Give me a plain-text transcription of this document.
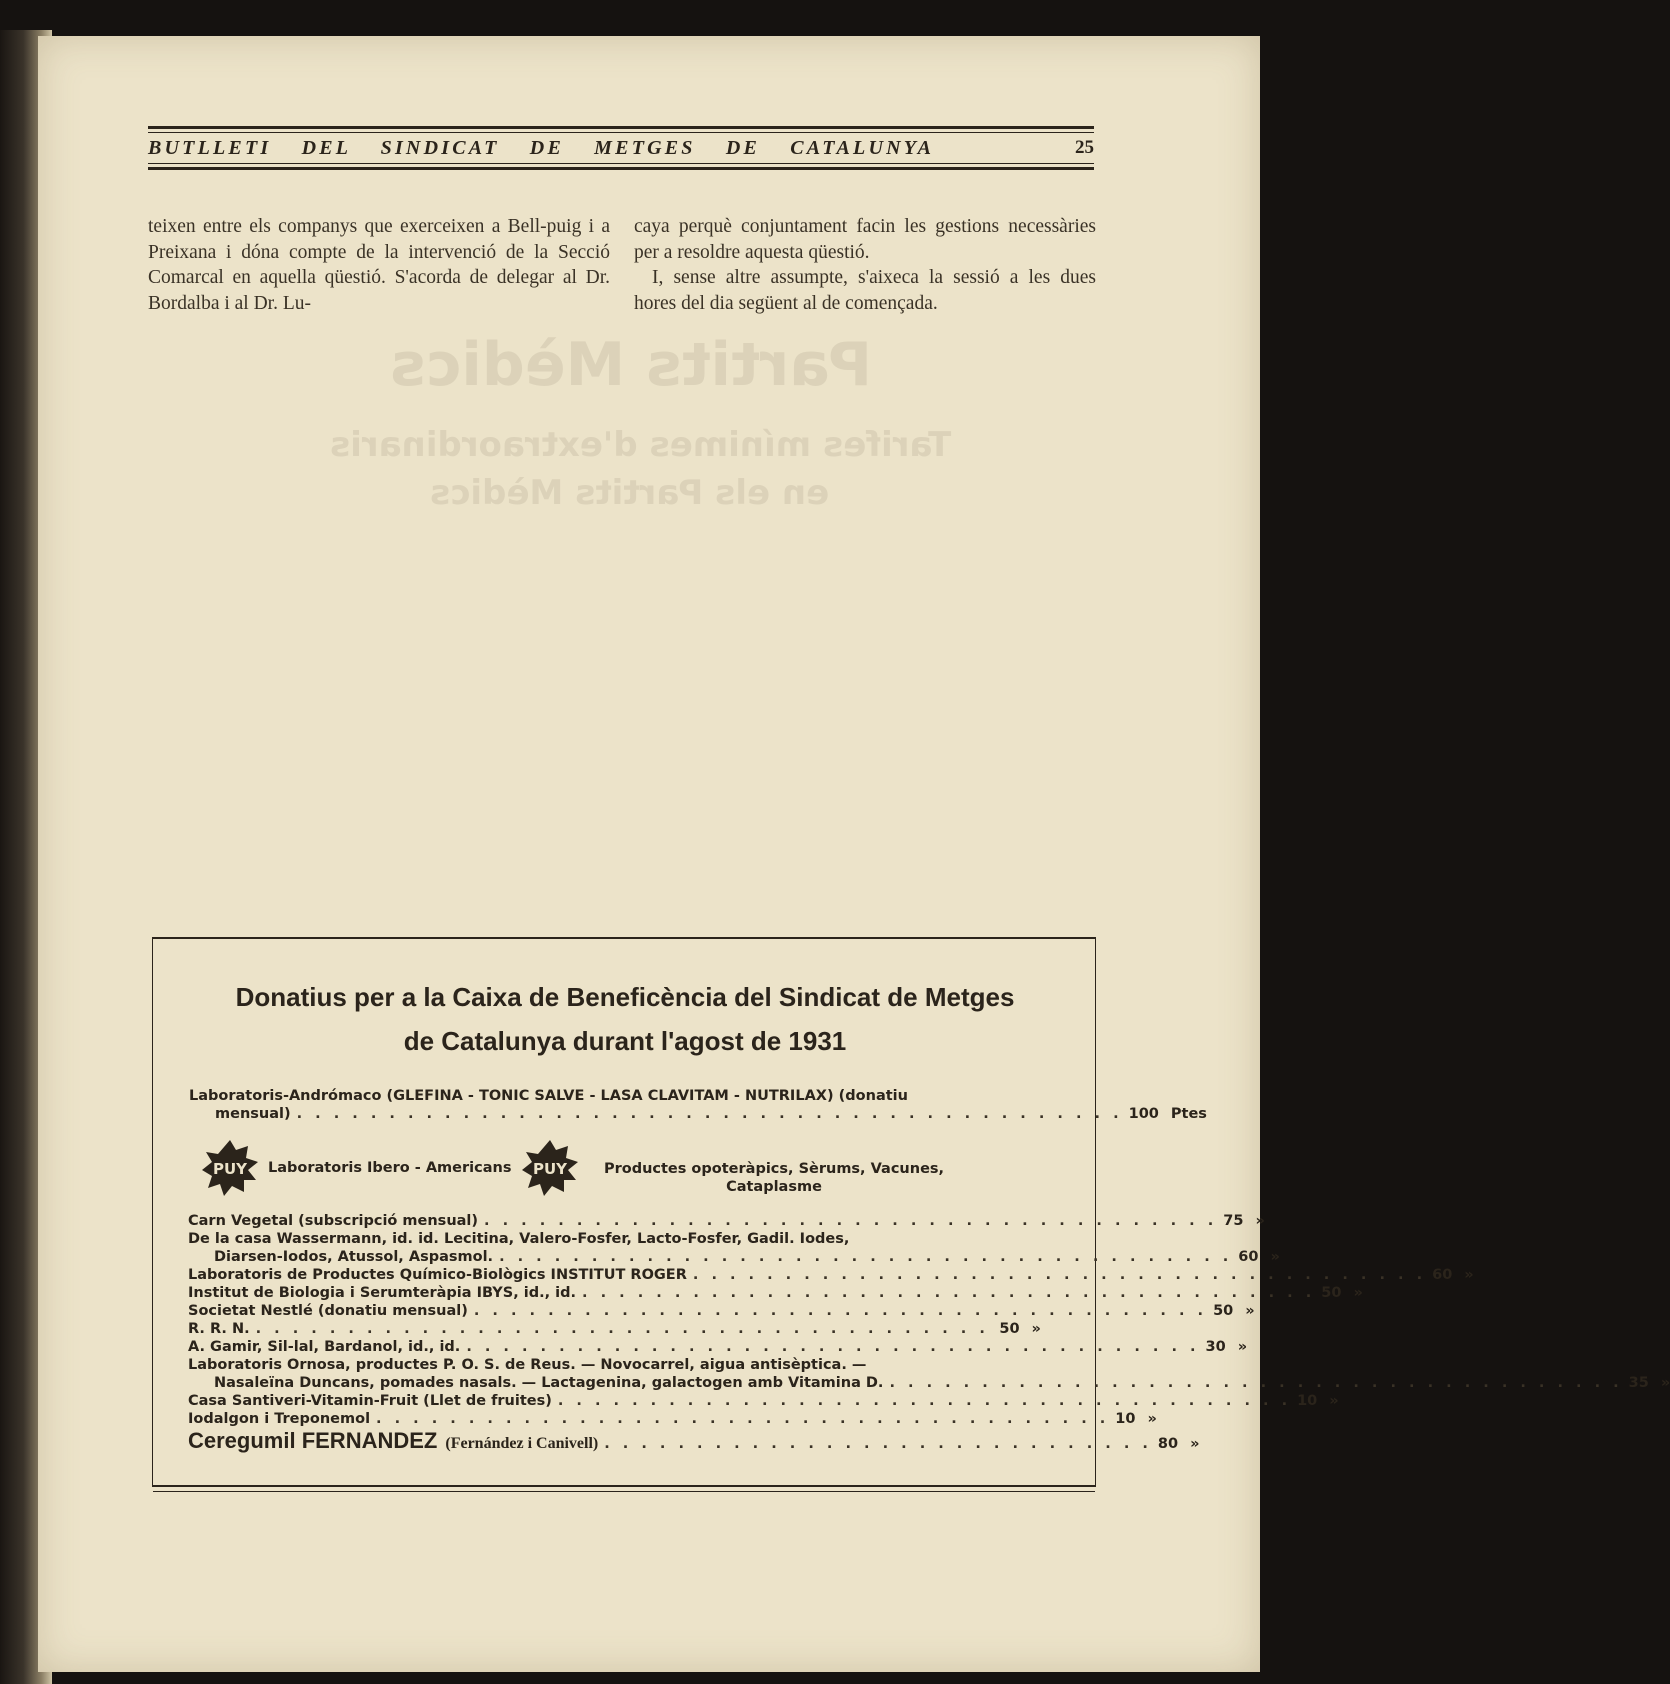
BUTLLETI DEL SINDICAT DE METGES DE CATALUNYA	25

teixen entre els companys que exerceixen a Bell-puig i a Preixana i dóna compte de la intervenció de la Secció Comarcal en aquella qüestió. S'acorda de delegar al Dr. Bordalba i al Dr. Lu-

caya perquè conjuntament facin les gestions necessàries per a resoldre aquesta qüestió.

I, sense altre assumpte, s'aixeca la sessió a les dues hores del dia següent al de començada.

Donatius per a la Caixa de Beneficència del Sindicat de Metges
de Catalunya durant l'agost de 1931
Laboratoris-Andrómaco (GLEFINA - TONIC SALVE - LASA CLAVITAM - NUTRILAX) (donatiu
mensual) . . . . . . . . . . . . . . . . . . . . . . . . . . . . . . . . . . . . . . . . . . . . . 100 Ptes
PUY Laboratoris Ibero - Americans PUY	Productes opoteràpics, Sèrums, Vacunes,
Cataplasme
Carn Vegetal (subscripció mensual) . . . . . . . . . . . . . . . . . . . . . . . . . . . . . . . . . . . . . . . . 75 »
De la casa Wassermann, id. id. Lecitina, Valero-Fosfer, Lacto-Fosfer, Gadil. Iodes,
Diarsen-Iodos, Atussol, Aspasmol. . . . . . . . . . . . . . . . . . . . . . . . . . . . . . . . . . . . . . . . . 60 »
Laboratoris de Productes Químico-Biològics INSTITUT ROGER . . . . . . . . . . . . . . . . . . . . . . . . . . . . . . . . . . . . . . . . 60 »
Institut de Biologia i Serumteràpia IBYS, id., id. . . . . . . . . . . . . . . . . . . . . . . . . . . . . . . . . . . . . . . . . 50 »
Societat Nestlé (donatiu mensual) . . . . . . . . . . . . . . . . . . . . . . . . . . . . . . . . . . . . . . . . 50 »
R. R. N. . . . . . . . . . . . . . . . . . . . . . . . . . . . . . . . . . . . . . . . . 50 »
A. Gamir, Sil-lal, Bardanol, id., id. . . . . . . . . . . . . . . . . . . . . . . . . . . . . . . . . . . . . . . . . 30 »
Laboratoris Ornosa, productes P. O. S. de Reus. — Novocarrel, aigua antisèptica. —
Nasaleïna Duncans, pomades nasals. — Lactagenina, galactogen amb Vitamina D. . . . . . . . . . . . . . . . . . . . . . . . . . . . . . . . . . . . . . . . . 35 »
Casa Santiveri-Vitamin-Fruit (Llet de fruites) . . . . . . . . . . . . . . . . . . . . . . . . . . . . . . . . . . . . . . . . 10 »
Iodalgon i Treponemol . . . . . . . . . . . . . . . . . . . . . . . . . . . . . . . . . . . . . . . . 10 »
Ceregumil FERNANDEZ (Fernández i Canivell) . . . . . . . . . . . . . . . . . . . . . . . . . . . . . . 80 »
